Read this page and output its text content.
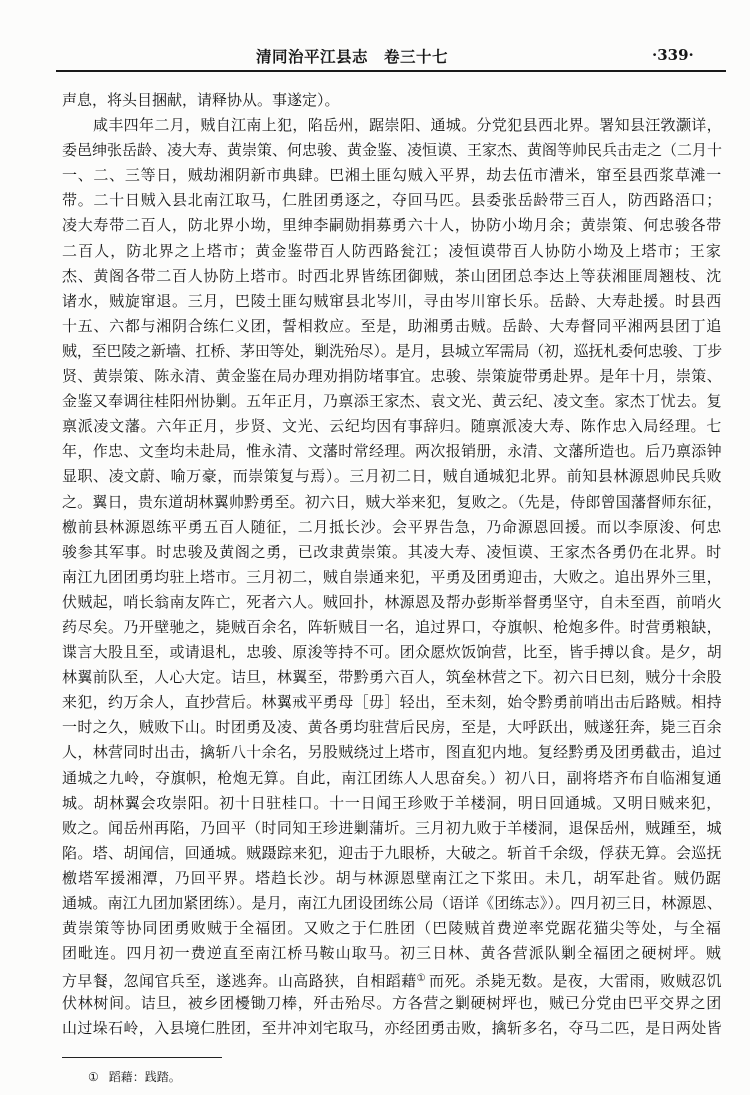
清同治平江县志　卷三十七	·339·
声息，将头目捆献，请释协从。事遂定）。
咸丰四年二月，贼自江南上犯，陷岳州，踞崇阳、通城。分党犯县西北界。署知县汪敩灏详，
委邑绅张岳龄、凌大寿、黄崇策、何忠骏、黄金鉴、凌恒谟、王家杰、黄阁等帅民兵击走之（二月十
一、二、三等日，贼劫湘阴新市典肆。巴湘土匪勾贼入平界，劫去伍市漕米，窜至县西浆草滩一
带。二十日贼入县北南江取马，仁胜团勇逐之，夺回马匹。县委张岳龄带三百人，防西路浯口；
凌大寿带二百人，防北界小坳，里绅李嗣勋捐募勇六十人，协防小坳月余；黄崇策、何忠骏各带
二百人，防北界之上塔市；黄金鉴带百人防西路瓮江；凌恒谟带百人协防小坳及上塔市；王家
杰、黄阁各带二百人协防上塔市。时西北界皆练团御贼，茶山团团总李达上等获湘匪周翘枝、沈
诸水，贼旋窜退。三月，巴陵土匪勾贼窜县北岑川，寻由岑川窜长乐。岳龄、大寿赴援。时县西
十五、六都与湘阴合练仁义团，誓相救应。至是，助湘勇击贼。岳龄、大寿督同平湘两县团丁追
贼，至巴陵之新墙、扛桥、茅田等处，剿洗殆尽）。是月，县城立军需局（初，巡抚札委何忠骏、丁步
贤、黄崇策、陈永清、黄金鉴在局办理劝捐防堵事宜。忠骏、崇策旋带勇赴界。是年十月，崇策、
金鉴又奉调往桂阳州协剿。五年正月，乃禀添王家杰、袁文光、黄云纪、凌文奎。家杰丁忧去。复
禀派凌文藩。六年正月，步贤、文光、云纪均因有事辞归。随禀派凌大寿、陈作忠入局经理。七
年，作忠、文奎均未赴局，惟永清、文藩时常经理。两次报销册，永清、文藩所造也。后乃禀添钟
显职、凌文蔚、喻万豪，而崇策复与焉）。三月初二日，贼自通城犯北界。前知县林源恩帅民兵败
之。翼日，贵东道胡林翼帅黔勇至。初六日，贼大举来犯，复败之。（先是，侍郎曾国藩督师东征，
檄前县林源恩练平勇五百人随征，二月抵长沙。会平界告急，乃命源恩回援。而以李原浚、何忠
骏参其军事。时忠骏及黄阁之勇，已改隶黄崇策。其凌大寿、凌恒谟、王家杰各勇仍在北界。时
南江九团团勇均驻上塔市。三月初二，贼自崇通来犯，平勇及团勇迎击，大败之。追出界外三里，
伏贼起，哨长翁南友阵亡，死者六人。贼回扑，林源恩及帮办彭斯举督勇坚守，自未至酉，前哨火
药尽矣。乃开壁驰之，毙贼百余名，阵斩贼目一名，追过界口，夺旗帜、枪炮多件。时营勇粮缺，
谍言大股且至，或请退札，忠骏、原浚等持不可。团众愿炊饭饷营，比至，皆手搏以食。是夕，胡
林翼前队至，人心大定。诘旦，林翼至，带黔勇六百人，筑垒林营之下。初六日巳刻，贼分十余股
来犯，约万余人，直抄营后。林翼戒平勇母［毋］轻出，至未刻，始令黔勇前哨出击后路贼。相持
一时之久，贼败下山。时团勇及凌、黄各勇均驻营后民房，至是，大呼跃出，贼遂狂奔，毙三百余
人，林营同时出击，擒斩八十余名，另股贼绕过上塔市，图直犯内地。复经黔勇及团勇截击，追过
通城之九岭，夺旗帜，枪炮无算。自此，南江团练人人思奋矣。）初八日，副将塔齐布自临湘复通
城。胡林翼会攻崇阳。初十日驻桂口。十一日闻王珍败于羊楼洞，明日回通城。又明日贼来犯，
败之。闻岳州再陷，乃回平（时同知王珍进剿蒲圻。三月初九败于羊楼洞，退保岳州，贼踵至，城
陷。塔、胡闻信，回通城。贼蹑踪来犯，迎击于九眼桥，大破之。斩首千余级，俘获无算。会巡抚
檄塔军援湘潭，乃回平界。塔趋长沙。胡与林源恩壁南江之下浆田。未几，胡军赴省。贼仍踞
通城。南江九团加紧团练）。是月，南江九团设团练公局（语详《团练志》）。四月初三日，林源恩、
黄崇策等协同团勇败贼于全福团。又败之于仁胜团（巴陵贼首费逆率党踞花猫尖等处，与全福
团毗连。四月初一费逆直至南江桥马鞍山取马。初三日林、黄各营派队剿全福团之硬树坪。贼
方早餐，忽闻官兵至，遂逃奔。山高路狭，自相蹈藉① 而死。杀毙无数。是夜，大雷雨，败贼忍饥
伏林树间。诘旦，被乡团櫌锄刀棒，歼击殆尽。方各营之剿硬树坪也，贼已分党由巴平交界之团
山过垛石岭，入县境仁胜团，至井冲刘宅取马，亦经团勇击败，擒斩多名，夺马二匹，是日两处皆
① 蹈藉：践踏。
